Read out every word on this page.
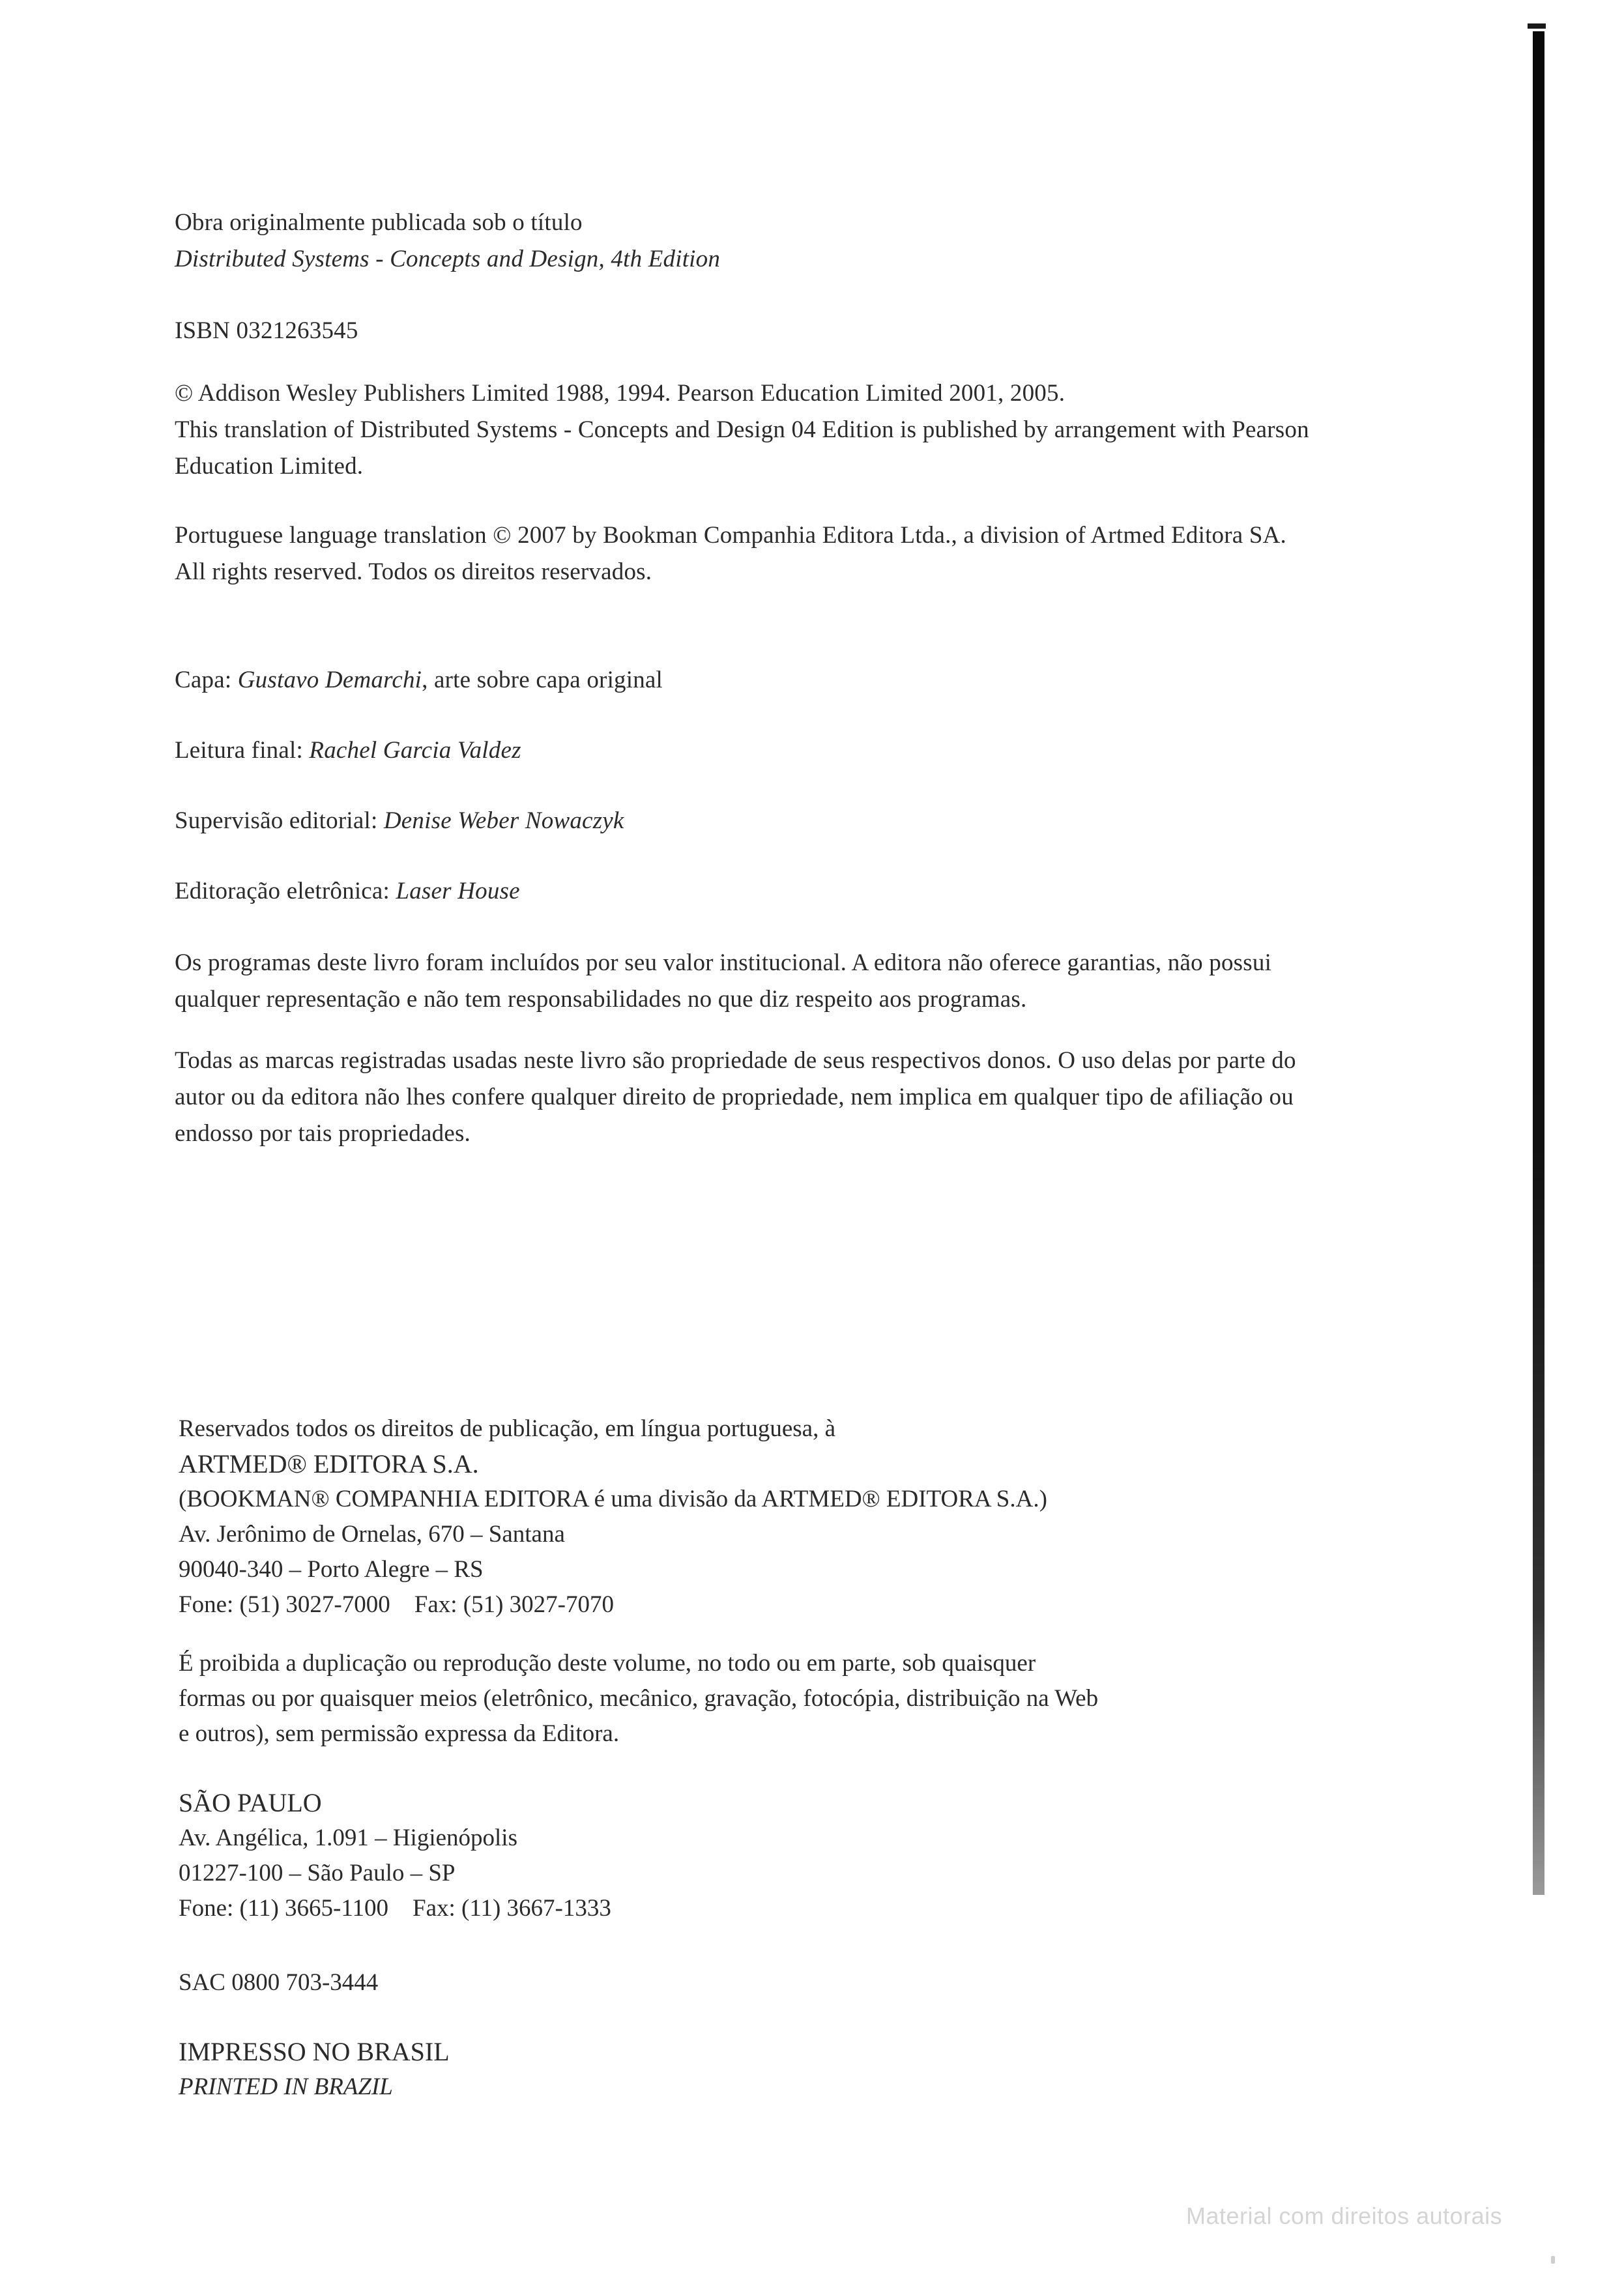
Obra originalmente publicada sob o título

Distributed Systems - Concepts and Design, 4th Edition

ISBN 0321263545

© Addison Wesley Publishers Limited 1988, 1994. Pearson Education Limited 2001, 2005.

This translation of Distributed Systems - Concepts and Design 04 Edition is published by arrangement with Pearson

Education Limited.

Portuguese language translation © 2007 by Bookman Companhia Editora Ltda., a division of Artmed Editora SA.

All rights reserved. Todos os direitos reservados.

Capa: Gustavo Demarchi, arte sobre capa original

Leitura final: Rachel Garcia Valdez

Supervisão editorial: Denise Weber Nowaczyk

Editoração eletrônica: Laser House

Os programas deste livro foram incluídos por seu valor institucional. A editora não oferece garantias, não possui

qualquer representação e não tem responsabilidades no que diz respeito aos programas.

Todas as marcas registradas usadas neste livro são propriedade de seus respectivos donos. O uso delas por parte do

autor ou da editora não lhes confere qualquer direito de propriedade, nem implica em qualquer tipo de afiliação ou

endosso por tais propriedades.

Reservados todos os direitos de publicação, em língua portuguesa, à

ARTMED® EDITORA S.A.

(BOOKMAN® COMPANHIA EDITORA é uma divisão da ARTMED® EDITORA S.A.)

Av. Jerônimo de Ornelas, 670 – Santana

90040-340 – Porto Alegre – RS

Fone: (51) 3027-7000    Fax: (51) 3027-7070

É proibida a duplicação ou reprodução deste volume, no todo ou em parte, sob quaisquer

formas ou por quaisquer meios (eletrônico, mecânico, gravação, fotocópia, distribuição na Web

e outros), sem permissão expressa da Editora.

SÃO PAULO

Av. Angélica, 1.091 – Higienópolis

01227-100 – São Paulo – SP

Fone: (11) 3665-1100    Fax: (11) 3667-1333

SAC 0800 703-3444

IMPRESSO NO BRASIL

PRINTED IN BRAZIL

Material com direitos autorais
